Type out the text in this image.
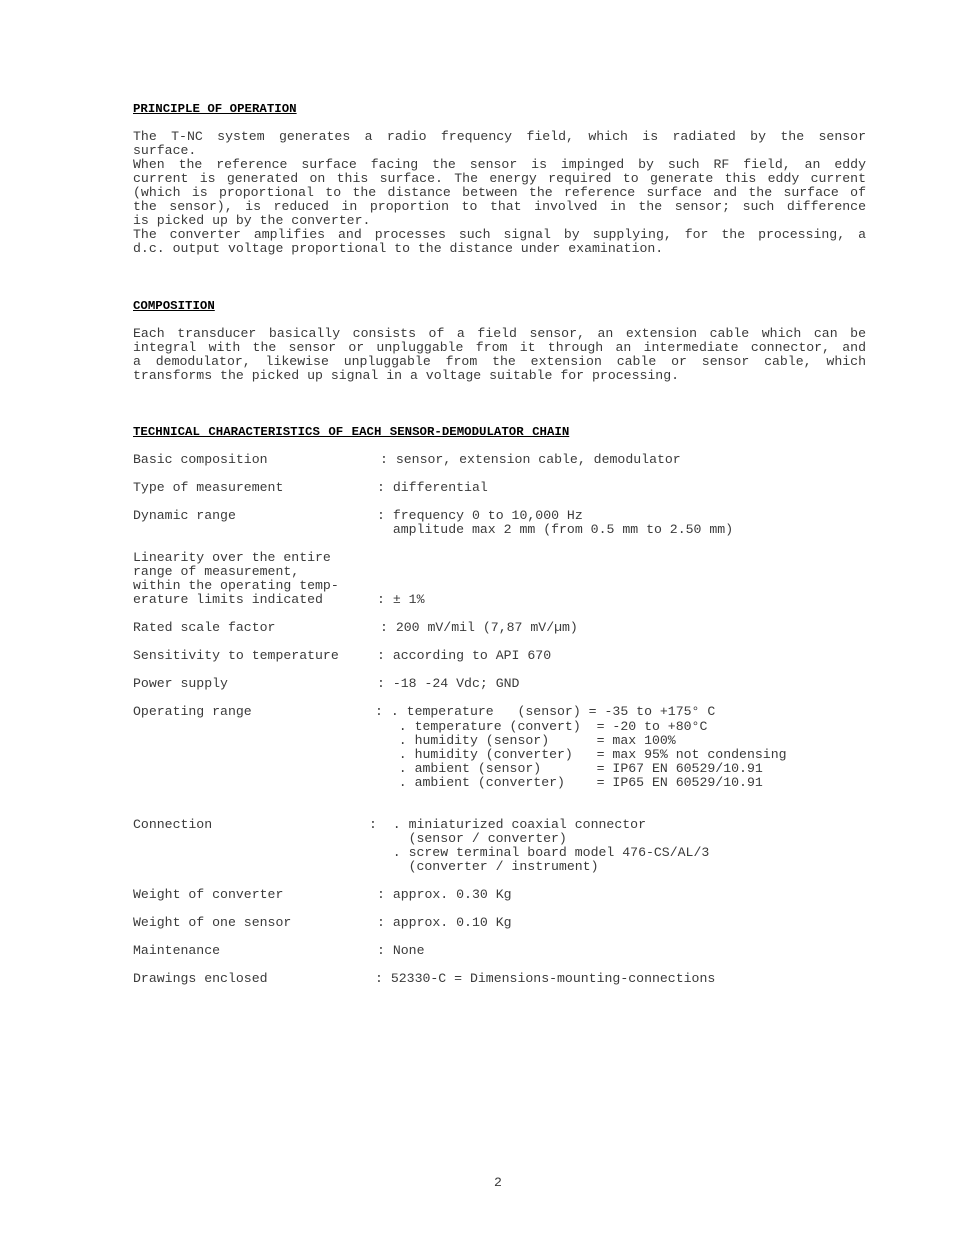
PRINCIPLE OF OPERATION
The T-NC system generates a radio frequency field, which is radiated by the sensor
surface.
When the reference surface facing the sensor is impinged by such RF field, an eddy
current is generated on this surface. The energy required to generate this eddy current
(which is proportional to the distance between the reference surface and the surface of
the sensor), is reduced in proportion to that involved in the sensor; such difference
is picked up by the converter.
The converter amplifies and processes such signal by supplying, for the processing, a
d.c. output voltage proportional to the distance under examination.
COMPOSITION
Each transducer basically consists of a field sensor, an extension cable which can be
integral with the sensor or unpluggable from it through an intermediate connector, and
a demodulator, likewise unpluggable from the extension cable or sensor cable, which
transforms the picked up signal in a voltage suitable for processing.
TECHNICAL CHARACTERISTICS OF EACH SENSOR-DEMODULATOR CHAIN
Basic composition	: sensor, extension cable, demodulator
Type of measurement	: differential
Dynamic range	: frequency 0 to 10,000 Hz
amplitude max 2 mm (from 0.5 mm to 2.50 mm)
Linearity over the entire
range of measurement,
within the operating temp-
erature limits indicated	: ± 1%
Rated scale factor	: 200 mV/mil (7,87 mV/µm)
Sensitivity to temperature	: according to API 670
Power supply	: -18 -24 Vdc; GND
Operating range	: . temperature   (sensor) = -35 to +175° C
. temperature (convert)  = -20 to +80°C
. humidity (sensor)      = max 100%
. humidity (converter)   = max 95% not condensing
. ambient (sensor)       = IP67 EN 60529/10.91
. ambient (converter)    = IP65 EN 60529/10.91
Connection	:  . miniaturized coaxial connector
(sensor / converter)
. screw terminal board model 476-CS/AL/3
(converter / instrument)
Weight of converter	: approx. 0.30 Kg
Weight of one sensor	: approx. 0.10 Kg
Maintenance	: None
Drawings enclosed	: 52330-C = Dimensions-mounting-connections
2
